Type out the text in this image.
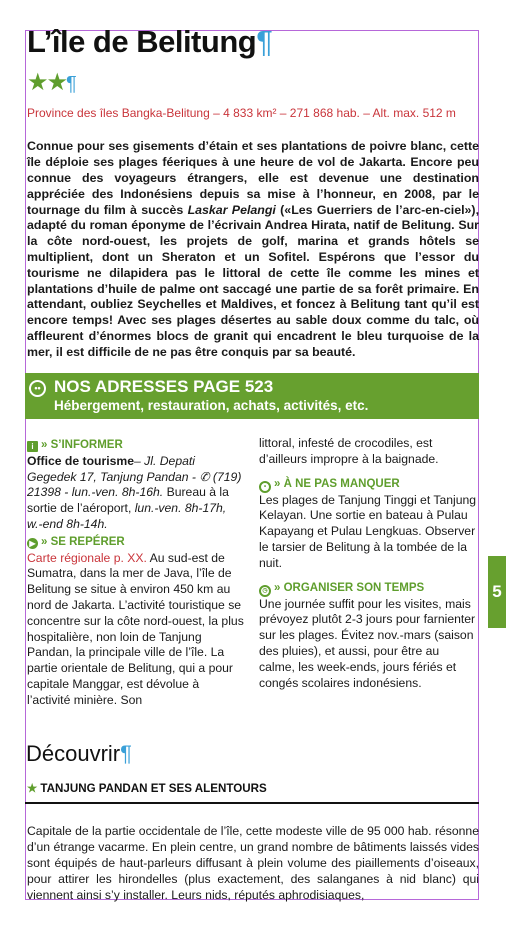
L’île de Belitung¶
★★¶
Province des îles Bangka-Belitung – 4 833 km² – 271 868 hab. – Alt. max. 512 m

Connue pour ses gisements d’étain et ses plantations de poivre blanc, cette île déploie ses plages féeriques à une heure de vol de Jakarta. Encore peu connue des voyageurs étrangers, elle est devenue une destination appréciée des Indonésiens depuis sa mise à l’honneur, en 2008, par le tournage du film à succès Laskar Pelangi («Les Guerriers de l’arc-en-ciel»), adapté du roman éponyme de l’écrivain Andrea Hirata, natif de Belitung. Sur la côte nord-ouest, les projets de golf, marina et grands hôtels se multiplient, dont un Sheraton et un Sofitel. Espérons que l’essor du tourisme ne dilapidera pas le littoral de cette île comme les mines et plantations d’huile de palme ont saccagé une partie de sa forêt primaire. En attendant, oubliez Seychelles et Maldives, et foncez à Belitung tant qu’il est encore temps! Avec ses plages désertes au sable doux comme du talc, où affleurent d’énormes blocs de granit qui encadrent le bleu turquoise de la mer, il est difficile de ne pas être conquis par sa beauté.

•• NOS ADRESSES PAGE 523
Hébergement, restauration, achats, activités, etc.
i » S’INFORMER

Office de tourisme– Jl. Depati Gegedek 17, Tanjung Pandan - ✆ (719) 21398 - lun.-ven. 8h-16h. Bureau à la sortie de l’aéroport, lun.-ven. 8h-17h, w.-end 8h-14h.

▶ » SE REPÉRER

Carte régionale p. XX. Au sud-est de Sumatra, dans la mer de Java, l’île de Belitung se situe à environ 450 km au nord de Jakarta. L’activité touristique se concentre sur la côte nord-ouest, la plus hospitalière, non loin de Tanjung Pandan, la principale ville de l’île. La partie orientale de Belitung, qui a pour capitale Manggar, est dévolue à l’activité minière. Son

littoral, infesté de crocodiles, est d’ailleurs impropre à la baignade.

• » À NE PAS MANQUER

Les plages de Tanjung Tinggi et Tanjung Kelayan. Une sortie en bateau à Pulau Kapayang et Pulau Lengkuas. Observer le tarsier de Belitung à la tombée de la nuit.

◷ » ORGANISER SON TEMPS

Une journée suffit pour les visites, mais prévoyez plutôt 2-3 jours pour farnienter sur les plages. Évitez nov.-mars (saison des pluies), et aussi, pour être au calme, les week-ends, jours fériés et congés scolaires indonésiens.

Découvrir¶
★ TANJUNG PANDAN ET SES ALENTOURS

Capitale de la partie occidentale de l’île, cette modeste ville de 95 000 hab. résonne d’un étrange vacarme. En plein centre, un grand nombre de bâtiments laissés vides sont équipés de haut-parleurs diffusant à plein volume des piaillements d’oiseaux, pour attirer les hirondelles (plus exactement, des salanganes à nid blanc) qui viennent ainsi s’y installer. Leurs nids, réputés aphrodisiaques,

5
